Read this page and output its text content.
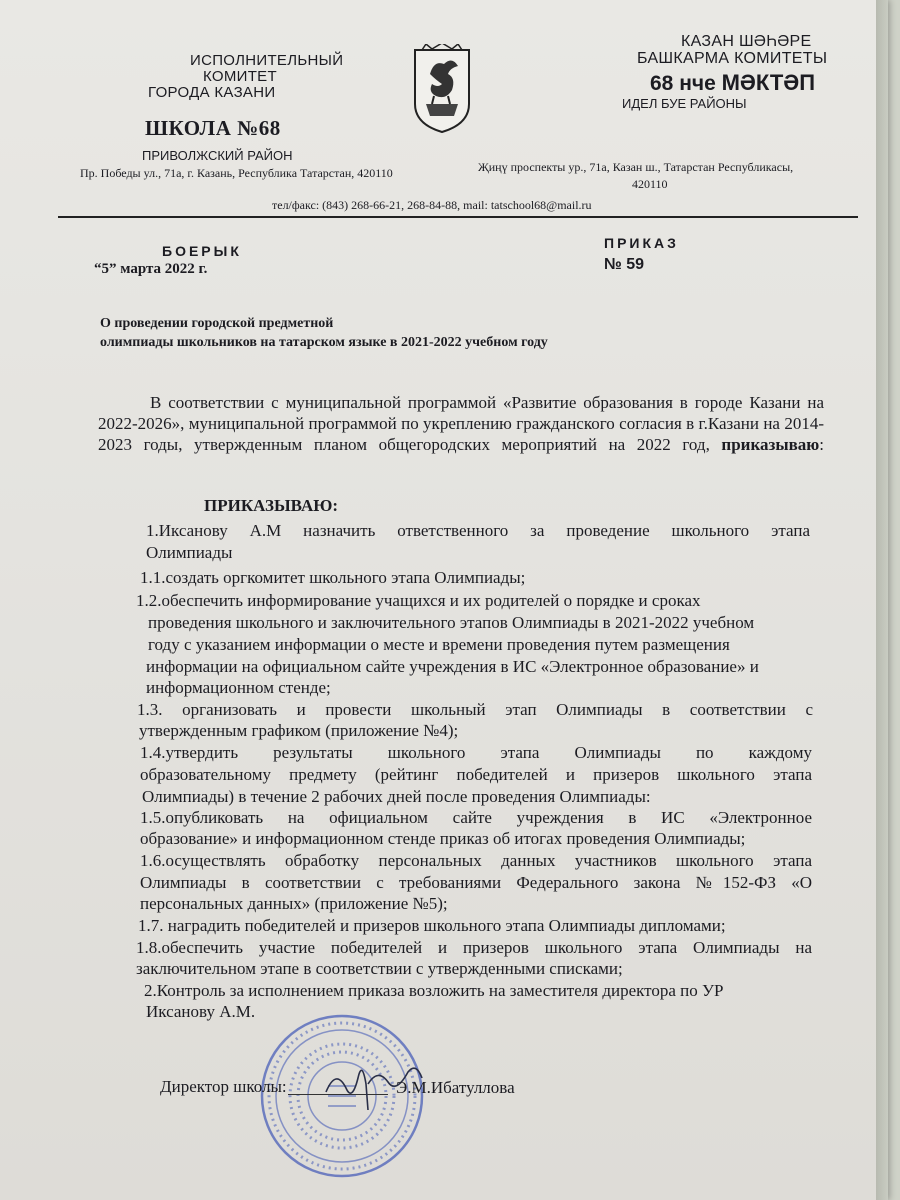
ИСПОЛНИТЕЛЬНЫЙ
КОМИТЕТ
ГОРОДА КАЗАНИ
ШКОЛА №68
ПРИВОЛЖСКИЙ РАЙОН
Пр. Победы ул., 71а, г. Казань, Республика Татарстан, 420110
КАЗАН ШӘҺӘРЕ
БАШКАРМА КОМИТЕТЫ
68 нче МӘКТӘП
ИДЕЛ БУЕ РАЙОНЫ
Җиңү проспекты ур., 71а, Казан ш., Татарстан Республикасы,
420110
тел/факс: (843) 268-66-21, 268-84-88, mail: tatschool68@mail.ru
БОЕРЫК
“5” марта 2022 г.
ПРИКАЗ
№ 59
О проведении городской предметной
олимпиады школьников на татарском языке в 2021-2022 учебном году
В соответствии с муниципальной программой «Развитие образования в городе Казани на 2022-2026», муниципальной программой по укреплению гражданского согласия в г.Казани на 2014-2023 годы, утвержденным планом общегородских мероприятий на 2022 год, приказываю:
ПРИКАЗЫВАЮ:
1.Иксанову А.М назначить ответственного за проведение школьного этапа
Олимпиады
1.1.создать оргкомитет школьного этапа Олимпиады;
1.2.обеспечить информирование учащихся и их родителей о порядке и сроках
проведения школьного и заключительного этапов Олимпиады в 2021-2022 учебном
году с указанием информации о месте и времени проведения путем размещения
информации на официальном сайте учреждения в ИС «Электронное образование» и
информационном стенде;
1.3. организовать и провести школьный этап Олимпиады в соответствии с
утвержденным графиком (приложение №4);
1.4.утвердить результаты школьного этапа Олимпиады по каждому
образовательному предмету (рейтинг победителей и призеров школьного этапа
Олимпиады) в течение 2 рабочих дней после проведения Олимпиады:
1.5.опубликовать на официальном сайте учреждения в ИС «Электронное
образование» и информационном стенде приказ об итогах проведения Олимпиады;
1.6.осуществлять обработку персональных данных участников школьного этапа
Олимпиады в соответствии с требованиями Федерального закона №152-ФЗ «О
персональных данных» (приложение №5);
1.7. наградить победителей и призеров школьного этапа Олимпиады дипломами;
1.8.обеспечить участие победителей и призеров школьного этапа Олимпиады на
заключительном этапе в соответствии с утвержденными списками;
2.Контроль за исполнением приказа возложить на заместителя директора по УР
Иксанову А.М.
Директор школы:	Э.М.Ибатуллова
